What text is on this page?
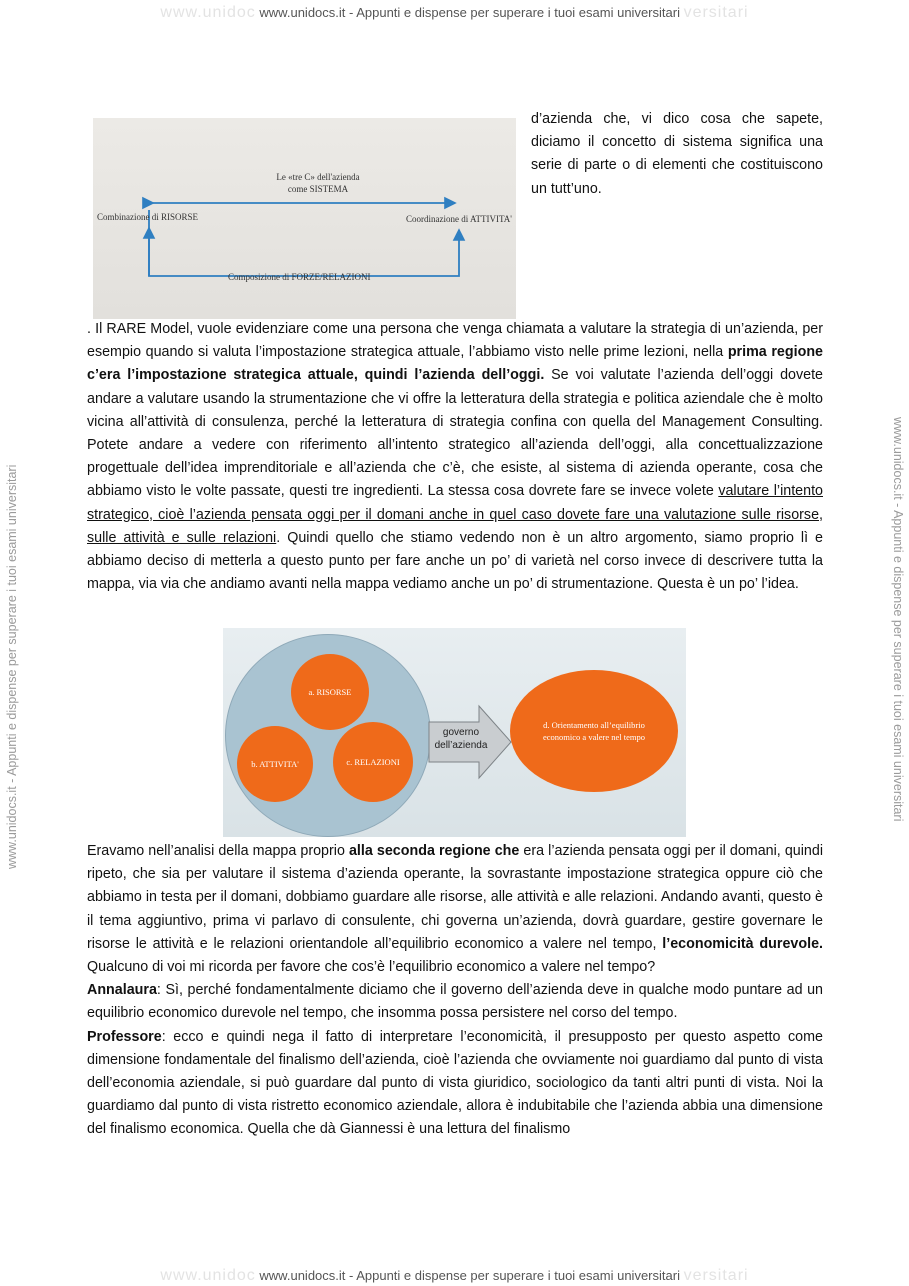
www.unidoc www.unidocs.it - Appunti e dispense per superare i tuoi esami universitari versitari
www.unidoc www.unidocs.it - Appunti e dispense per superare i tuoi esami universitari versitari
www.unidocs.it - Appunti e dispense per superare i tuoi esami universitari	www.unidocs.it - Appunti e dispense per superare i tuoi esami universitari
Le «tre C» dell'azienda
come SISTEMA
Combinazione di RISORSE	Coordinazione di ATTIVITA'
Composizione di FORZE/RELAZIONI
d’azienda che, vi dico cosa che sapete, diciamo il concetto di sistema significa una serie di parte o di elementi che costituiscono un tutt’uno.

. Il RARE Model, vuole evidenziare come una persona che venga chiamata a valutare la strategia di un’azienda, per esempio quando si valuta l’impostazione strategica attuale, l’abbiamo visto nelle prime lezioni, nella prima regione c’era l’impostazione strategica attuale, quindi l’azienda dell’oggi. Se voi valutate l’azienda dell’oggi dovete andare a valutare usando la strumentazione che vi offre la letteratura della strategia e politica aziendale che è molto vicina all’attività di consulenza, perché la letteratura di strategia confina con quella del Management Consulting. Potete andare a vedere con riferimento all’intento strategico all’azienda dell’oggi, alla concettualizzazione progettuale dell’idea imprenditoriale e all’azienda che c’è, che esiste, al sistema di azienda operante, cosa che abbiamo visto le volte passate, questi tre ingredienti. La stessa cosa dovrete fare se invece volete valutare l’intento strategico, cioè l’azienda pensata oggi per il domani anche in quel caso dovete fare una valutazione sulle risorse, sulle attività e sulle relazioni. Quindi quello che stiamo vedendo non è un altro argomento, siamo proprio lì e abbiamo deciso di metterla a questo punto per fare anche un po’ di varietà nel corso invece di descrivere tutta la mappa, via via che andiamo avanti nella mappa vediamo anche un po’ di strumentazione. Questa è un po’ l’idea.

a. RISORSE
b. ATTIVITA'	c. RELAZIONI
governo
dell’azienda
d. Orientamento all’equilibrio
economico a valere nel tempo

Eravamo nell’analisi della mappa proprio alla seconda regione che era l’azienda pensata oggi per il domani, quindi ripeto, che sia per valutare il sistema d’azienda operante, la sovrastante impostazione strategica oppure ciò che abbiamo in testa per il domani, dobbiamo guardare alle risorse, alle attività e alle relazioni. Andando avanti, questo è il tema aggiuntivo, prima vi parlavo di consulente, chi governa un’azienda, dovrà guardare, gestire governare le risorse le attività e le relazioni orientandole all’equilibrio economico a valere nel tempo, l’economicità durevole. Qualcuno di voi mi ricorda per favore che cos’è l’equilibrio economico a valere nel tempo?

Annalaura: Sì, perché fondamentalmente diciamo che il governo dell’azienda deve in qualche modo puntare ad un equilibrio economico durevole nel tempo, che insomma possa persistere nel corso del tempo.

Professore: ecco e quindi nega il fatto di interpretare l’economicità, il presupposto per questo aspetto come dimensione fondamentale del finalismo dell’azienda, cioè l’azienda che ovviamente noi guardiamo dal punto di vista dell’economia aziendale, si può guardare dal punto di vista giuridico, sociologico da tanti altri punti di vista. Noi la guardiamo dal punto di vista ristretto economico aziendale, allora è indubitabile che l’azienda abbia una dimensione del finalismo economica. Quella che dà Giannessi è una lettura del finalismo
